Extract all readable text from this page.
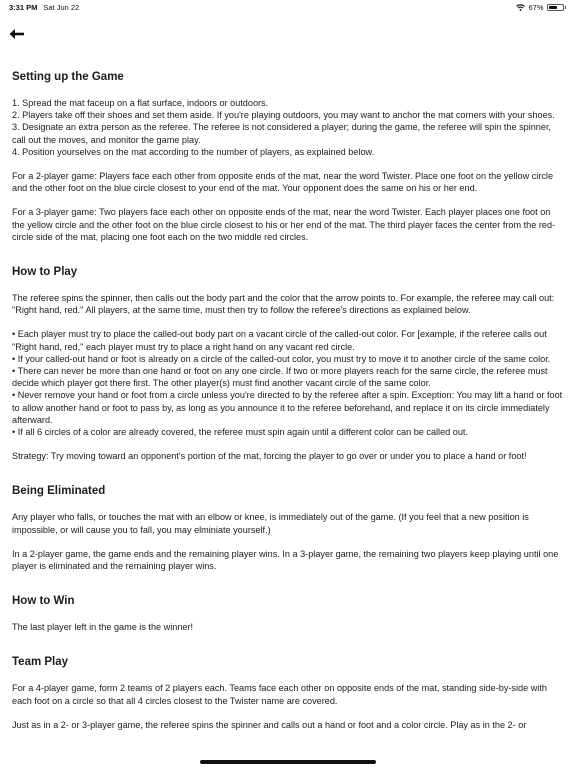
3:31 PM Sat Jun 22	67%
Setting up the Game

1. Spread the mat faceup on a flat surface, indoors or outdoors.
2. Players take off their shoes and set them aside. If you're playing outdoors, you may want to anchor the mat corners with your shoes.
3. Designate an extra person as the referee. The referee is not considered a player; during the game, the referee will spin the spinner, call out the moves, and monitor the game play.
4. Position yourselves on the mat according to the number of players, as explained below.

For a 2-player game: Players face each other from opposite ends of the mat, near the word Twister. Place one foot on the yellow circle and the other foot on the blue circle closest to your end of the mat. Your opponent does the same on his or her end.

For a 3-player game: Two players face each other on opposite ends of the mat, near the word Twister. Each player places one foot on the yellow circle and the other foot on the blue circle closest to his or her end of the mat. The third player faces the center from the red-circle side of the mat, placing one foot each on the two middle red circles.

How to Play

The referee spins the spinner, then calls out the body part and the color that the arrow points to. For example, the referee may call out: "Right hand, red." All players, at the same time, must then try to follow the referee's directions as explained below.

• Each player must try to place the called-out body part on a vacant circle of the called-out color. For [example, if the referee calls out "Right hand, red," each player must try to place a right hand on any vacant red circle.
• If your called-out hand or foot is already on a circle of the called-out color, you must try to move it to another circle of the same color.
• There can never be more than one hand or foot on any one circle. If two or more players reach for the same circle, the referee must decide which player got there first. The other player(s) must find another vacant circle of the same color.
• Never remove your hand or foot from a circle unless you're directed to by the referee after a spin. Exception: You may lift a hand or foot to allow another hand or foot to pass by, as long as you announce it to the referee beforehand, and replace it on its circle immediately afterward.
• If all 6 circles of a color are already covered, the referee must spin again until a different color can be called out.

Strategy: Try moving toward an opponent's portion of the mat, forcing the player to go over or under you to place a hand or foot!

Being Eliminated

Any player who falls, or touches the mat with an elbow or knee, is immediately out of the game. (If you feel that a new position is impossible, or will cause you to fall, you may elminiate yourself.)

In a 2-player game, the game ends and the remaining player wins. In a 3-player game, the remaining two players keep playing until one player is eliminated and the remaining player wins.

How to Win

The last player left in the game is the winner!

Team Play

For a 4-player game, form 2 teams of 2 players each. Teams face each other on opposite ends of the mat, standing side-by-side with each foot on a circle so that all 4 circles closest to the Twister name are covered.

Just as in a 2- or 3-player game, the referee spins the spinner and calls out a hand or foot and a color circle. Play as in the 2- or
